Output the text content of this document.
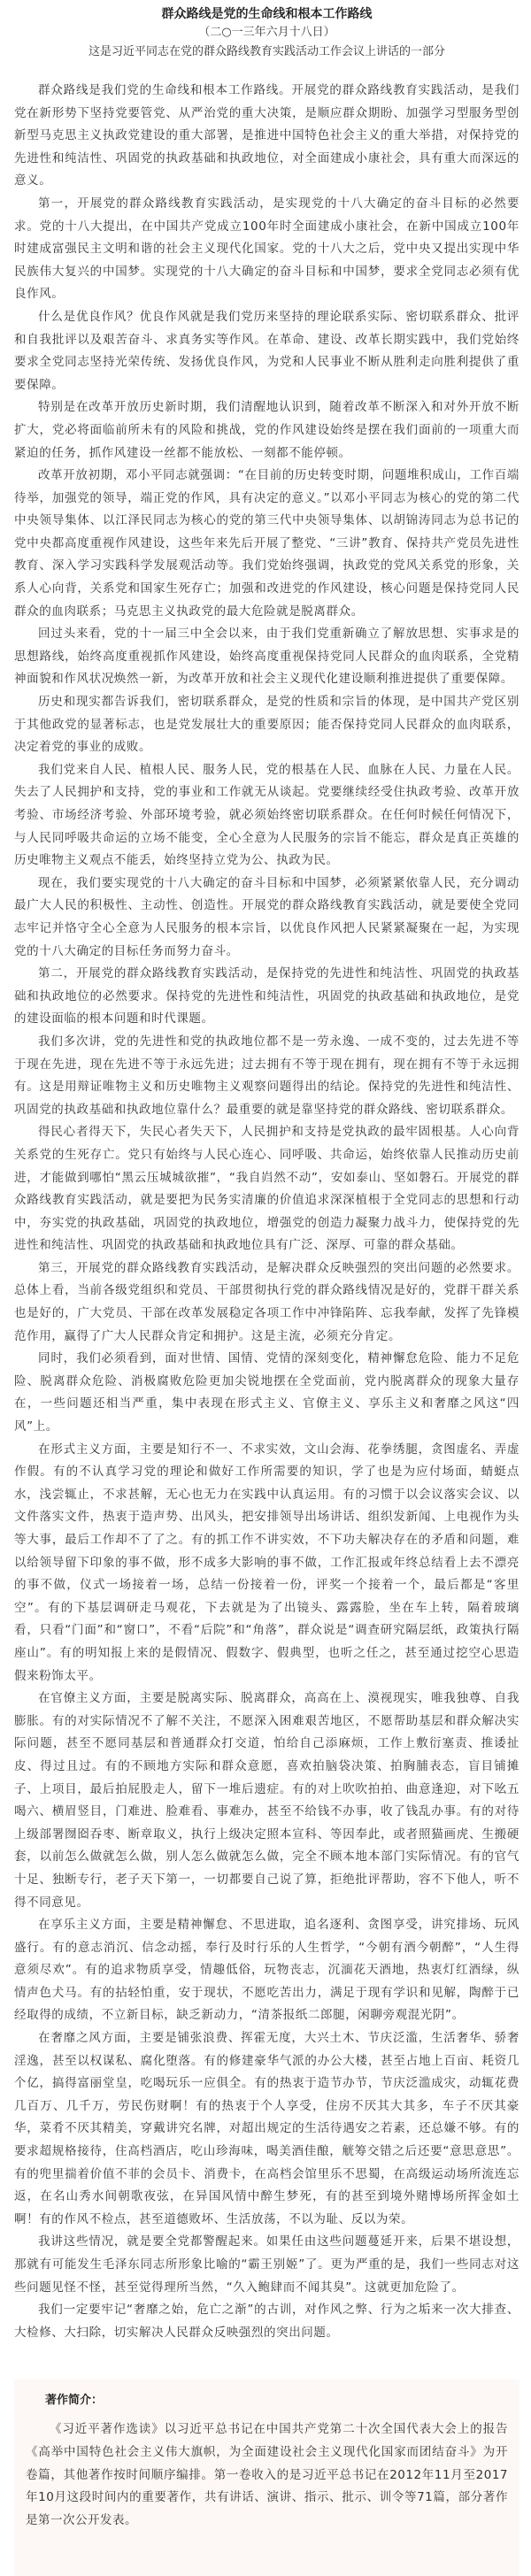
群众路线是党的生命线和根本工作路线

（二○一三年六月十八日）

这是习近平同志在党的群众路线教育实践活动工作会议上讲话的一部分

群众路线是我们党的生命线和根本工作路线。开展党的群众路线教育实践活动，是我们党在新形势下坚持党要管党、从严治党的重大决策，是顺应群众期盼、加强学习型服务型创新型马克思主义执政党建设的重大部署，是推进中国特色社会主义的重大举措，对保持党的先进性和纯洁性、巩固党的执政基础和执政地位，对全面建成小康社会，具有重大而深远的意义。

第一，开展党的群众路线教育实践活动，是实现党的十八大确定的奋斗目标的必然要求。党的十八大提出，在中国共产党成立100年时全面建成小康社会，在新中国成立100年时建成富强民主文明和谐的社会主义现代化国家。党的十八大之后，党中央又提出实现中华民族伟大复兴的中国梦。实现党的十八大确定的奋斗目标和中国梦，要求全党同志必须有优良作风。

什么是优良作风？优良作风就是我们党历来坚持的理论联系实际、密切联系群众、批评和自我批评以及艰苦奋斗、求真务实等作风。在革命、建设、改革长期实践中，我们党始终要求全党同志坚持光荣传统、发扬优良作风，为党和人民事业不断从胜利走向胜利提供了重要保障。

特别是在改革开放历史新时期，我们清醒地认识到，随着改革不断深入和对外开放不断扩大，党必将面临前所未有的风险和挑战，党的作风建设始终是摆在我们面前的一项重大而紧迫的任务，抓作风建设一丝都不能放松、一刻都不能停顿。

改革开放初期，邓小平同志就强调：“在目前的历史转变时期，问题堆积成山，工作百端待举，加强党的领导，端正党的作风，具有决定的意义。”以邓小平同志为核心的党的第二代中央领导集体、以江泽民同志为核心的党的第三代中央领导集体、以胡锦涛同志为总书记的党中央都高度重视作风建设，这些年来先后开展了整党、“三讲”教育、保持共产党员先进性教育、深入学习实践科学发展观活动等。我们党始终强调，执政党的党风关系党的形象，关系人心向背，关系党和国家生死存亡；加强和改进党的作风建设，核心问题是保持党同人民群众的血肉联系；马克思主义执政党的最大危险就是脱离群众。

回过头来看，党的十一届三中全会以来，由于我们党重新确立了解放思想、实事求是的思想路线，始终高度重视抓作风建设，始终高度重视保持党同人民群众的血肉联系，全党精神面貌和作风状况焕然一新，为改革开放和社会主义现代化建设顺利推进提供了重要保障。

历史和现实都告诉我们，密切联系群众，是党的性质和宗旨的体现，是中国共产党区别于其他政党的显著标志，也是党发展壮大的重要原因；能否保持党同人民群众的血肉联系，决定着党的事业的成败。

我们党来自人民、植根人民、服务人民，党的根基在人民、血脉在人民、力量在人民。失去了人民拥护和支持，党的事业和工作就无从谈起。党要继续经受住执政考验、改革开放考验、市场经济考验、外部环境考验，就必须始终密切联系群众。在任何时候任何情况下，与人民同呼吸共命运的立场不能变，全心全意为人民服务的宗旨不能忘，群众是真正英雄的历史唯物主义观点不能丢，始终坚持立党为公、执政为民。

现在，我们要实现党的十八大确定的奋斗目标和中国梦，必须紧紧依靠人民，充分调动最广大人民的积极性、主动性、创造性。开展党的群众路线教育实践活动，就是要使全党同志牢记并恪守全心全意为人民服务的根本宗旨，以优良作风把人民紧紧凝聚在一起，为实现党的十八大确定的目标任务而努力奋斗。

第二，开展党的群众路线教育实践活动，是保持党的先进性和纯洁性、巩固党的执政基础和执政地位的必然要求。保持党的先进性和纯洁性，巩固党的执政基础和执政地位，是党的建设面临的根本问题和时代课题。

我们多次讲，党的先进性和党的执政地位都不是一劳永逸、一成不变的，过去先进不等于现在先进，现在先进不等于永远先进；过去拥有不等于现在拥有，现在拥有不等于永远拥有。这是用辩证唯物主义和历史唯物主义观察问题得出的结论。保持党的先进性和纯洁性、巩固党的执政基础和执政地位靠什么？最重要的就是靠坚持党的群众路线、密切联系群众。

得民心者得天下，失民心者失天下，人民拥护和支持是党执政的最牢固根基。人心向背关系党的生死存亡。党只有始终与人民心连心、同呼吸、共命运，始终依靠人民推动历史前进，才能做到哪怕“黑云压城城欲摧”，“我自岿然不动”，安如泰山、坚如磐石。开展党的群众路线教育实践活动，就是要把为民务实清廉的价值追求深深植根于全党同志的思想和行动中，夯实党的执政基础，巩固党的执政地位，增强党的创造力凝聚力战斗力，使保持党的先进性和纯洁性、巩固党的执政基础和执政地位具有广泛、深厚、可靠的群众基础。

第三，开展党的群众路线教育实践活动，是解决群众反映强烈的突出问题的必然要求。总体上看，当前各级党组织和党员、干部贯彻执行党的群众路线情况是好的，党群干群关系也是好的，广大党员、干部在改革发展稳定各项工作中冲锋陷阵、忘我奉献，发挥了先锋模范作用，赢得了广大人民群众肯定和拥护。这是主流，必须充分肯定。

同时，我们必须看到，面对世情、国情、党情的深刻变化，精神懈怠危险、能力不足危险、脱离群众危险、消极腐败危险更加尖锐地摆在全党面前，党内脱离群众的现象大量存在，一些问题还相当严重，集中表现在形式主义、官僚主义、享乐主义和奢靡之风这“四风”上。

在形式主义方面，主要是知行不一、不求实效，文山会海、花拳绣腿，贪图虚名、弄虚作假。有的不认真学习党的理论和做好工作所需要的知识，学了也是为应付场面，蜻蜓点水，浅尝辄止，不求甚解，无心也无力在实践中认真运用。有的习惯于以会议落实会议、以文件落实文件，热衷于造声势、出风头，把安排领导出场讲话、组织发新闻、上电视作为头等大事，最后工作却不了了之。有的抓工作不讲实效，不下功夫解决存在的矛盾和问题，难以给领导留下印象的事不做，形不成多大影响的事不做，工作汇报或年终总结看上去不漂亮的事不做，仪式一场接着一场，总结一份接着一份，评奖一个接着一个，最后都是“客里空”。有的下基层调研走马观花，下去就是为了出镜头、露露脸，坐在车上转，隔着玻璃看，只看“门面”和“窗口”，不看“后院”和“角落”，群众说是“调查研究隔层纸，政策执行隔座山”。有的明知报上来的是假情况、假数字、假典型，也听之任之，甚至通过挖空心思造假来粉饰太平。

在官僚主义方面，主要是脱离实际、脱离群众，高高在上、漠视现实，唯我独尊、自我膨胀。有的对实际情况不了解不关注，不愿深入困难艰苦地区，不愿帮助基层和群众解决实际问题，甚至不愿同基层和普通群众打交道，怕给自己添麻烦，工作上敷衍塞责、推诿扯皮、得过且过。有的不顾地方实际和群众意愿，喜欢拍脑袋决策、拍胸脯表态，盲目铺摊子、上项目，最后拍屁股走人，留下一堆后遗症。有的对上吹吹拍拍、曲意逢迎，对下吆五喝六、横眉竖目，门难进、脸难看、事难办，甚至不给钱不办事，收了钱乱办事。有的对待上级部署囫囵吞枣、断章取义，执行上级决定照本宣科、等因奉此，或者照猫画虎、生搬硬套，以前怎么做就怎么做，别人怎么做就怎么做，完全不顾本地本部门实际情况。有的官气十足、独断专行，老子天下第一，一切都要自己说了算，拒绝批评帮助，容不下他人，听不得不同意见。

在享乐主义方面，主要是精神懈怠、不思进取，追名逐利、贪图享受，讲究排场、玩风盛行。有的意志消沉、信念动摇，奉行及时行乐的人生哲学，“今朝有酒今朝醉”，“人生得意须尽欢”。有的追求物质享受，情趣低俗，玩物丧志，沉湎花天酒地，热衷灯红酒绿，纵情声色犬马。有的拈轻怕重，安于现状，不愿吃苦出力，满足于现有学识和见解，陶醉于已经取得的成绩，不立新目标，缺乏新动力，“清茶报纸二郎腿，闲聊旁观混光阴”。

在奢靡之风方面，主要是铺张浪费、挥霍无度，大兴土木、节庆泛滥，生活奢华、骄奢淫逸，甚至以权谋私、腐化堕落。有的修建豪华气派的办公大楼，甚至占地上百亩、耗资几个亿，搞得富丽堂皇，吃喝玩乐一应俱全。有的热衷于造节办节，节庆泛滥成灾，动辄花费几百万、几千万，劳民伤财啊！有的热衷于个人享受，住房不厌其大其多，车子不厌其豪华，菜肴不厌其精美，穿戴讲究名牌，对超出规定的生活待遇安之若素，还总嫌不够。有的要求超规格接待，住高档酒店，吃山珍海味，喝美酒佳酿，觥筹交错之后还要“意思意思”。有的兜里揣着价值不菲的会员卡、消费卡，在高档会馆里乐不思蜀，在高级运动场所流连忘返，在名山秀水间朝歌夜弦，在异国风情中醉生梦死，有的甚至到境外赌博场所挥金如土啊！有的作风不检点，甚至道德败坏、生活放荡，不以为耻、反以为荣。

我讲这些情况，就是要全党都警醒起来。如果任由这些问题蔓延开来，后果不堪设想，那就有可能发生毛泽东同志所形象比喻的“霸王别姬”了。更为严重的是，我们一些同志对这些问题见怪不怪，甚至觉得理所当然，“久入鲍肆而不闻其臭”。这就更加危险了。

我们一定要牢记“奢靡之始，危亡之渐”的古训，对作风之弊、行为之垢来一次大排查、大检修、大扫除，切实解决人民群众反映强烈的突出问题。

著作简介：

《习近平著作选读》以习近平总书记在中国共产党第二十次全国代表大会上的报告《高举中国特色社会主义伟大旗帜，为全面建设社会主义现代化国家而团结奋斗》为开卷篇，其他著作按时间顺序编排。第一卷收入的是习近平总书记在2012年11月至2017年10月这段时间内的重要著作，共有讲话、演讲、指示、批示、训令等71篇，部分著作是第一次公开发表。
